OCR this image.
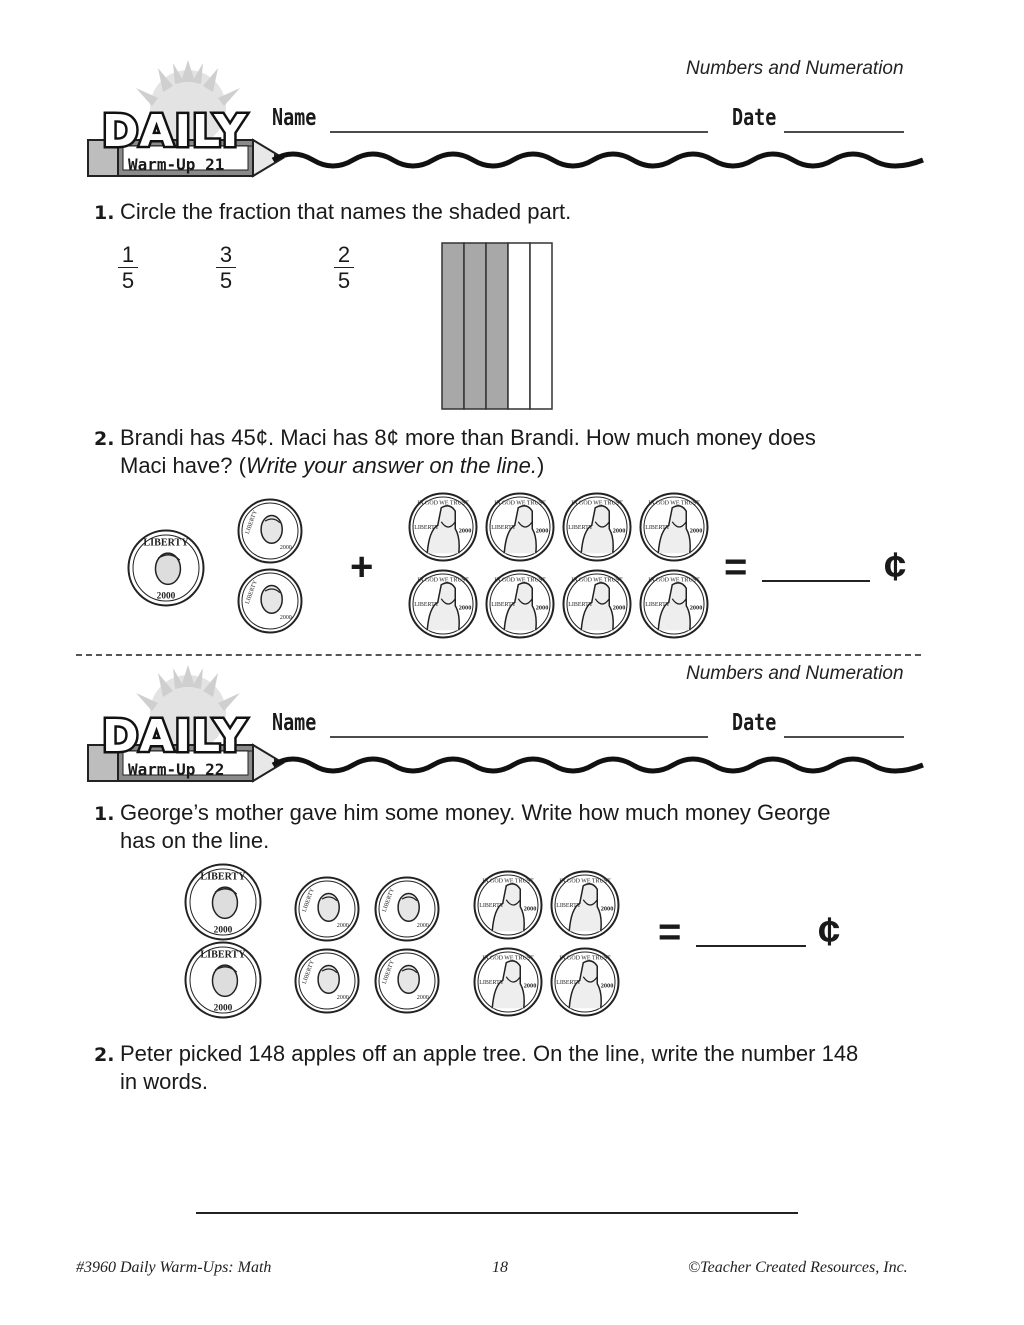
Numbers and Numeration
DAILY
Warm-Up 21
Name	Date
1. Circle the fraction that names the shaded part.
$\frac{1}{5}$	$\frac{3}{5}$	$\frac{2}{5}$
2. Brandi has 45¢. Maci has 8¢ more than Brandi. How much money does
Maci have? (Write your answer on the line.)
LIBERTY
2000
LIBERTY
2000
LIBERTY
2000
+
IN GOD WE TRUST
LIBERTY	2000
IN GOD WE TRUST
LIBERTY	2000
IN GOD WE TRUST
LIBERTY	2000
IN GOD WE TRUST
LIBERTY	2000
IN GOD WE TRUST
LIBERTY	2000
IN GOD WE TRUST
LIBERTY	2000
IN GOD WE TRUST
LIBERTY	2000
IN GOD WE TRUST
LIBERTY	2000
=	¢
Numbers and Numeration
DAILY
Warm-Up 22
Name	Date
1. George’s mother gave him some money. Write how much money George
has on the line.
LIBERTY
2000
LIBERTY
2000
LIBERTY
2000
LIBERTY
2000
LIBERTY
2000
LIBERTY
2000
IN GOD WE TRUST
LIBERTY	2000
IN GOD WE TRUST
LIBERTY	2000
IN GOD WE TRUST
LIBERTY	2000
IN GOD WE TRUST
LIBERTY	2000
=	¢
2. Peter picked 148 apples off an apple tree. On the line, write the number 148
in words.
#3960 Daily Warm-Ups: Math	18	©Teacher Created Resources, Inc.
